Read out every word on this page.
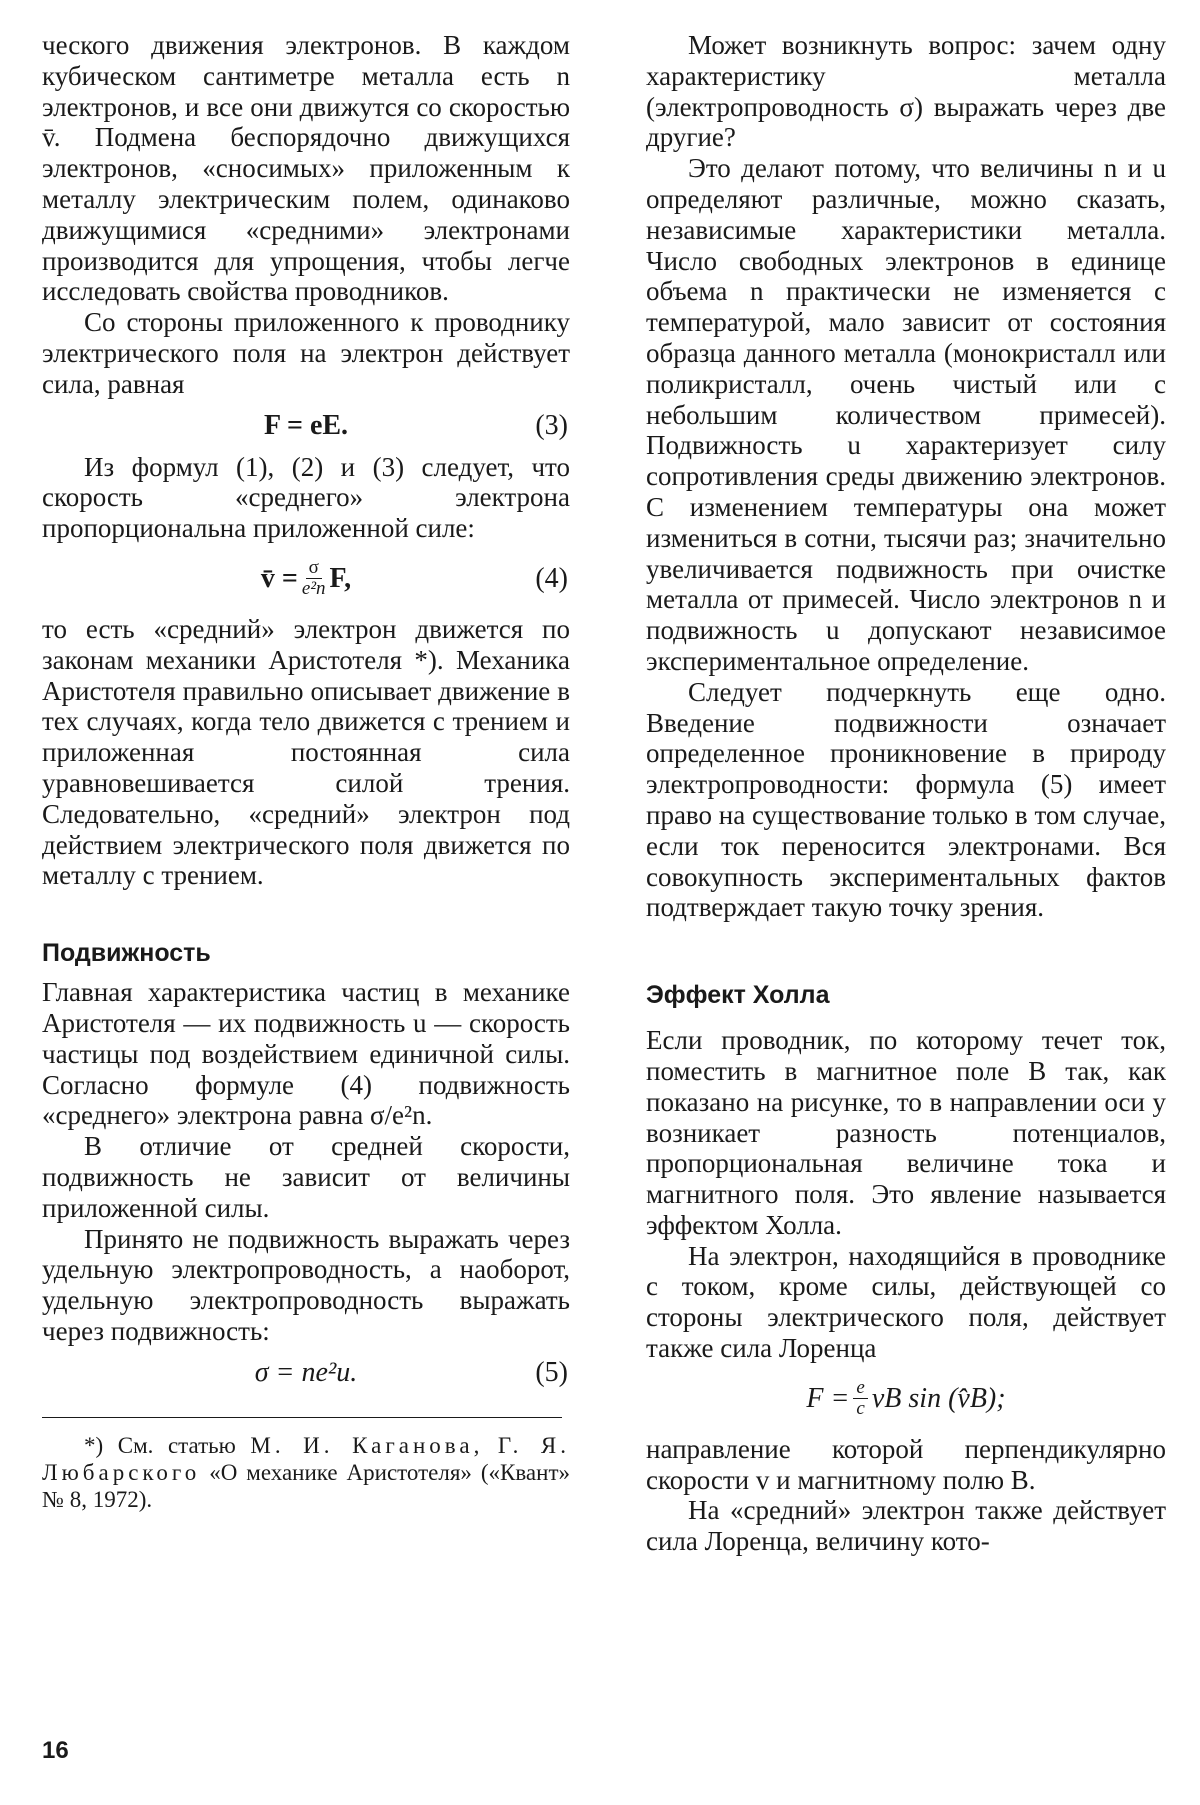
ческого движения электронов. В каждом кубическом сантиметре металла есть n электронов, и все они движутся со скоростью v̄. Подмена беспорядочно движущихся электронов, «сносимых» приложенным к металлу электрическим полем, одинаково движущимися «средними» электронами производится для упрощения, чтобы легче исследовать свойства проводников.

Со стороны приложенного к проводнику электрического поля на электрон действует сила, равная

F = eE.	(3)

Из формул (1), (2) и (3) следует, что скорость «среднего» электрона пропорциональна приложенной силе:

v̄ = $\frac{\sigma}{\text{e²n}} F$,	(4)

то есть «средний» электрон движется по законам механики Аристотеля *). Механика Аристотеля правильно описывает движение в тех случаях, когда тело движется с трением и приложенная постоянная сила уравновешивается силой трения. Следовательно, «средний» электрон под действием электрического поля движется по металлу с трением.

Подвижность

Главная характеристика частиц в механике Аристотеля — их подвижность u — скорость частицы под воздействием единичной силы. Согласно формуле (4) подвижность «среднего» электрона равна σ/e²n.

В отличие от средней скорости, подвижность не зависит от величины приложенной силы.

Принято не подвижность выражать через удельную электропроводность, а наоборот, удельную электропроводность выражать через подвижность:

σ = ne²u.	(5)

*) См. статью М. И. Каганова, Г. Я. Любарского «О механике Аристотеля» («Квант» № 8, 1972).

Может возникнуть вопрос: зачем одну характеристику металла (электропроводность σ) выражать через две другие?

Это делают потому, что величины n и u определяют различные, можно сказать, независимые характеристики металла. Число свободных электронов в единице объема n практически не изменяется с температурой, мало зависит от состояния образца данного металла (монокристалл или поликристалл, очень чистый или с небольшим количеством примесей). Подвижность u характеризует силу сопротивления среды движению электронов. С изменением температуры она может измениться в сотни, тысячи раз; значительно увеличивается подвижность при очистке металла от примесей. Число электронов n и подвижность u допускают независимое экспериментальное определение.

Следует подчеркнуть еще одно. Введение подвижности означает определенное проникновение в природу электропроводности: формула (5) имеет право на существование только в том случае, если ток переносится электронами. Вся совокупность экспериментальных фактов подтверждает такую точку зрения.

Эффект Холла

Если проводник, по которому течет ток, поместить в магнитное поле B так, как показано на рисунке, то в направлении оси y возникает разность потенциалов, пропорциональная величине тока и магнитного поля. Это явление называется эффектом Холла.

На электрон, находящийся в проводнике с током, кроме силы, действующей со стороны электрического поля, действует также сила Лоренца

$F = \frac{e}{c}$ vB sin (v̂B);

направление которой перпендикулярно скорости v и магнитному полю B.

На «средний» электрон также действует сила Лоренца, величину кото-

16
